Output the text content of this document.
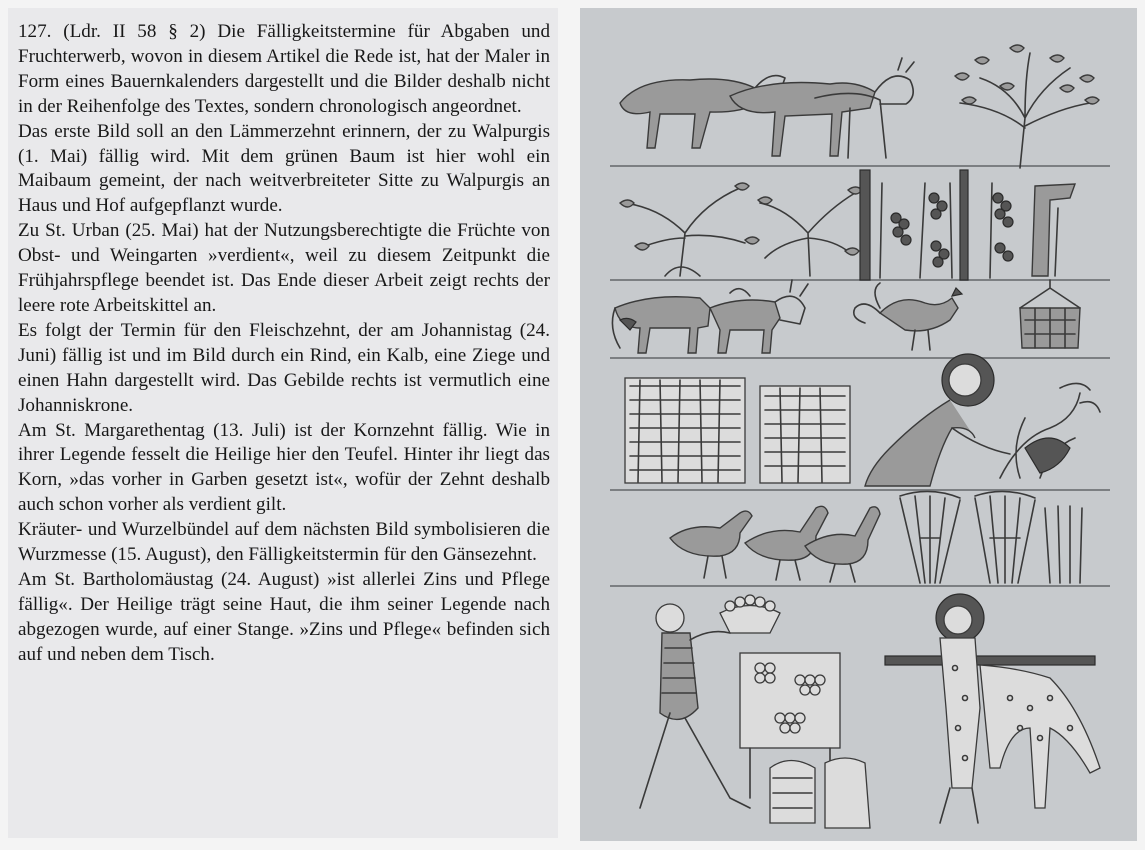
127. (Ldr. II 58 § 2) Die Fälligkeitstermine für Abgaben und Fruchterwerb, wovon in diesem Artikel die Rede ist, hat der Maler in Form eines Bauernkalenders dargestellt und die Bilder deshalb nicht in der Reihenfolge des Textes, sondern chronologisch angeordnet.

Das erste Bild soll an den Lämmerzehnt erinnern, der zu Walpurgis (1. Mai) fällig wird. Mit dem grünen Baum ist hier wohl ein Maibaum gemeint, der nach weitverbreiteter Sitte zu Walpurgis an Haus und Hof aufgepflanzt wurde.

Zu St. Urban (25. Mai) hat der Nutzungsberechtigte die Früchte von Obst- und Weingarten »verdient«, weil zu diesem Zeitpunkt die Frühjahrspflege beendet ist. Das Ende dieser Arbeit zeigt rechts der leere rote Arbeitskittel an.

Es folgt der Termin für den Fleischzehnt, der am Johannistag (24. Juni) fällig ist und im Bild durch ein Rind, ein Kalb, eine Ziege und einen Hahn dargestellt wird. Das Gebilde rechts ist vermutlich eine Johanniskrone.

Am St. Margarethentag (13. Juli) ist der Kornzehnt fällig. Wie in ihrer Legende fesselt die Heilige hier den Teufel. Hinter ihr liegt das Korn, »das vorher in Garben gesetzt ist«, wofür der Zehnt deshalb auch schon vorher als verdient gilt.

Kräuter- und Wurzelbündel auf dem nächsten Bild symbolisieren die Wurzmesse (15. August), den Fälligkeitstermin für den Gänsezehnt.

Am St. Bartholomäustag (24. August) »ist allerlei Zins und Pflege fällig«. Der Heilige trägt seine Haut, die ihm seiner Legende nach abgezogen wurde, auf einer Stange. »Zins und Pflege« befinden sich auf und neben dem Tisch.
